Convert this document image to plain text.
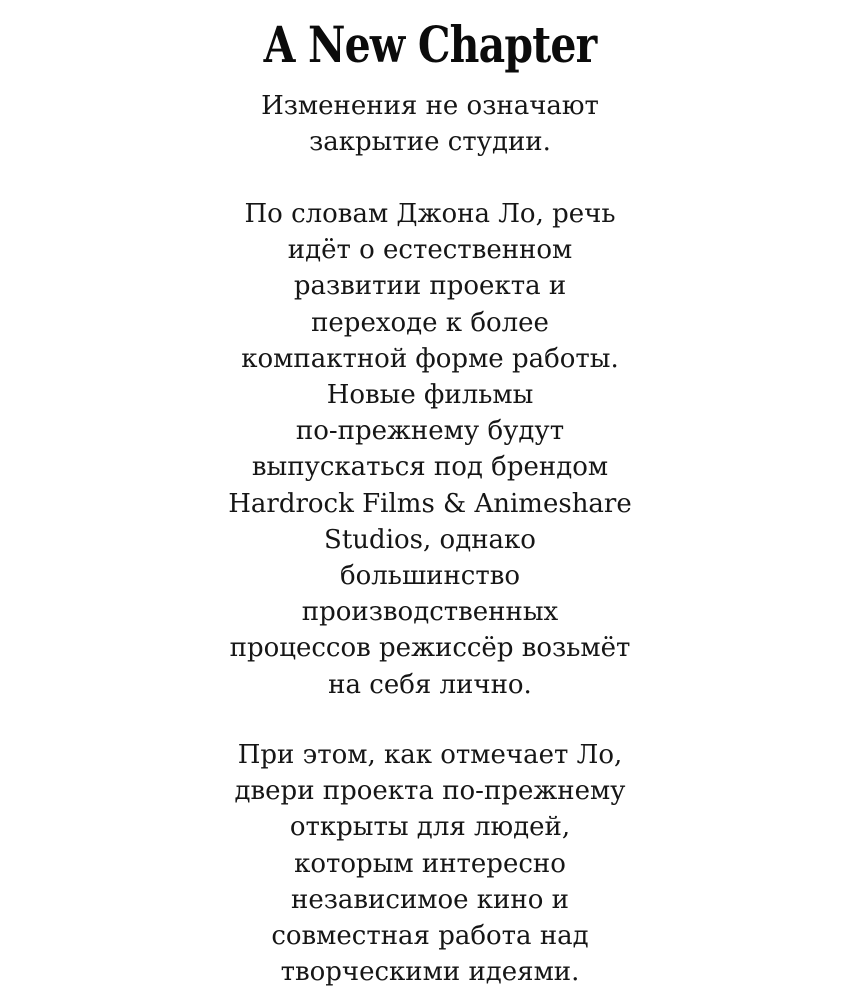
A New Chapter

Изменения не означают
закрытие студии.

По словам Джона Ло, речь
идёт о естественном
развитии проекта и
переходе к более
компактной форме работы.
Новые фильмы
по-прежнему будут
выпускаться под брендом
Hardrock Films & Animeshare
Studios, однако
большинство
производственных
процессов режиссёр возьмёт
на себя лично.

При этом, как отмечает Ло,
двери проекта по-прежнему
открыты для людей,
которым интересно
независимое кино и
совместная работа над
творческими идеями.
